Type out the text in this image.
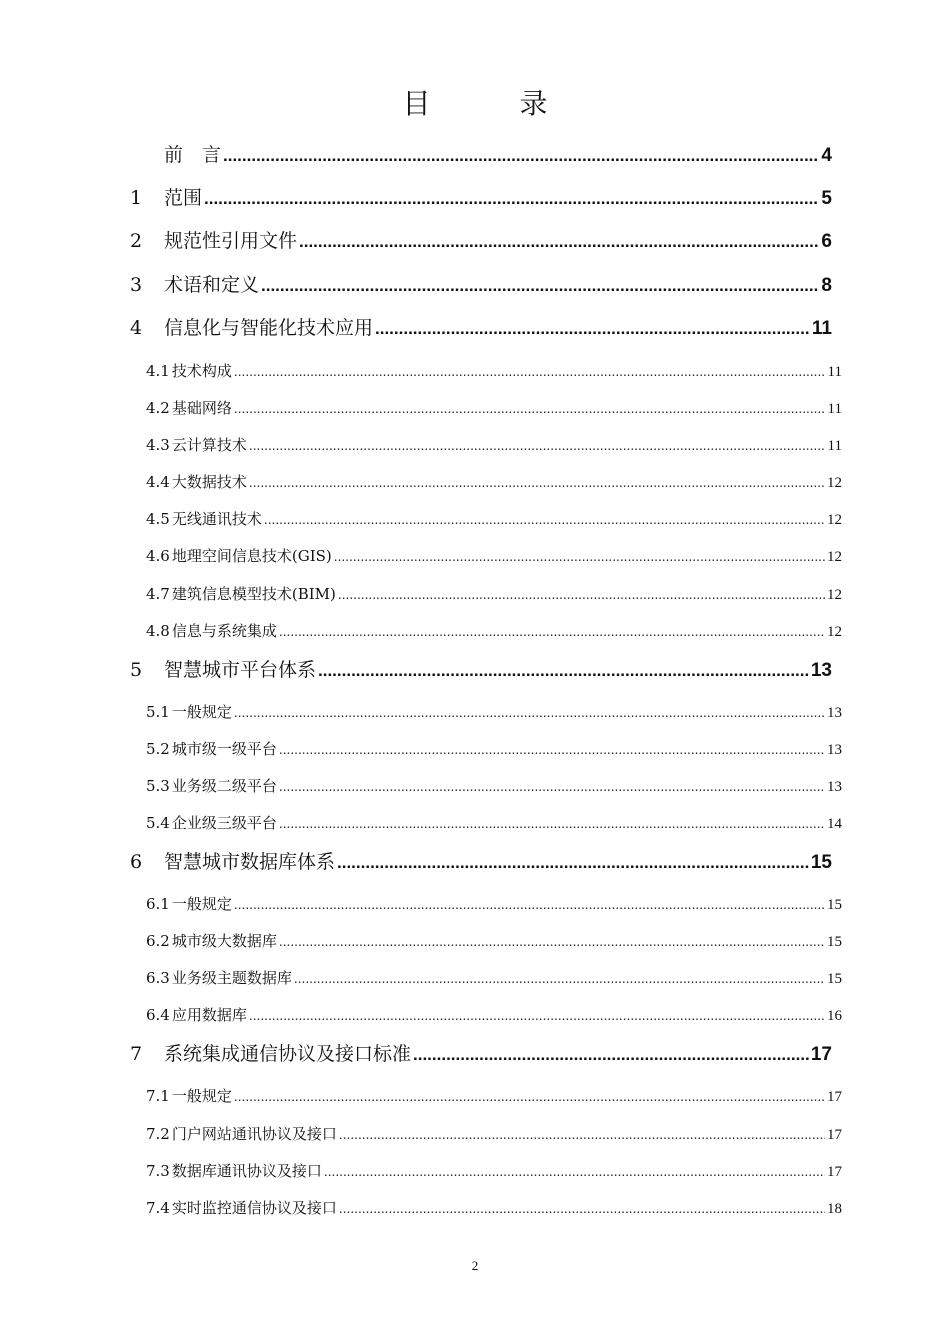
目 录
前　言 .....	4
1	范围 .....	5
2	规范性引用文件 .....	6
3	术语和定义 .....	8
4	信息化与智能化技术应用 .....	11
4.1 技术构成 .....	11
4.2 基础网络 .....	11
4.3 云计算技术 .....	11
4.4 大数据技术 .....	12
4.5 无线通讯技术 .....	12
4.6 地理空间信息技术(GIS) .....	12
4.7 建筑信息模型技术(BIM) .....	12
4.8 信息与系统集成 .....	12
5	智慧城市平台体系 .....	13
5.1 一般规定 .....	13
5.2 城市级一级平台 .....	13
5.3 业务级二级平台 .....	13
5.4 企业级三级平台 .....	14
6	智慧城市数据库体系 .....	15
6.1 一般规定 .....	15
6.2 城市级大数据库 .....	15
6.3 业务级主题数据库 .....	15
6.4 应用数据库 .....	16
7	系统集成通信协议及接口标准 .....	17
7.1 一般规定 .....	17
7.2 门户网站通讯协议及接口 .....	17
7.3 数据库通讯协议及接口 .....	17
7.4 实时监控通信协议及接口 .....	18
2
